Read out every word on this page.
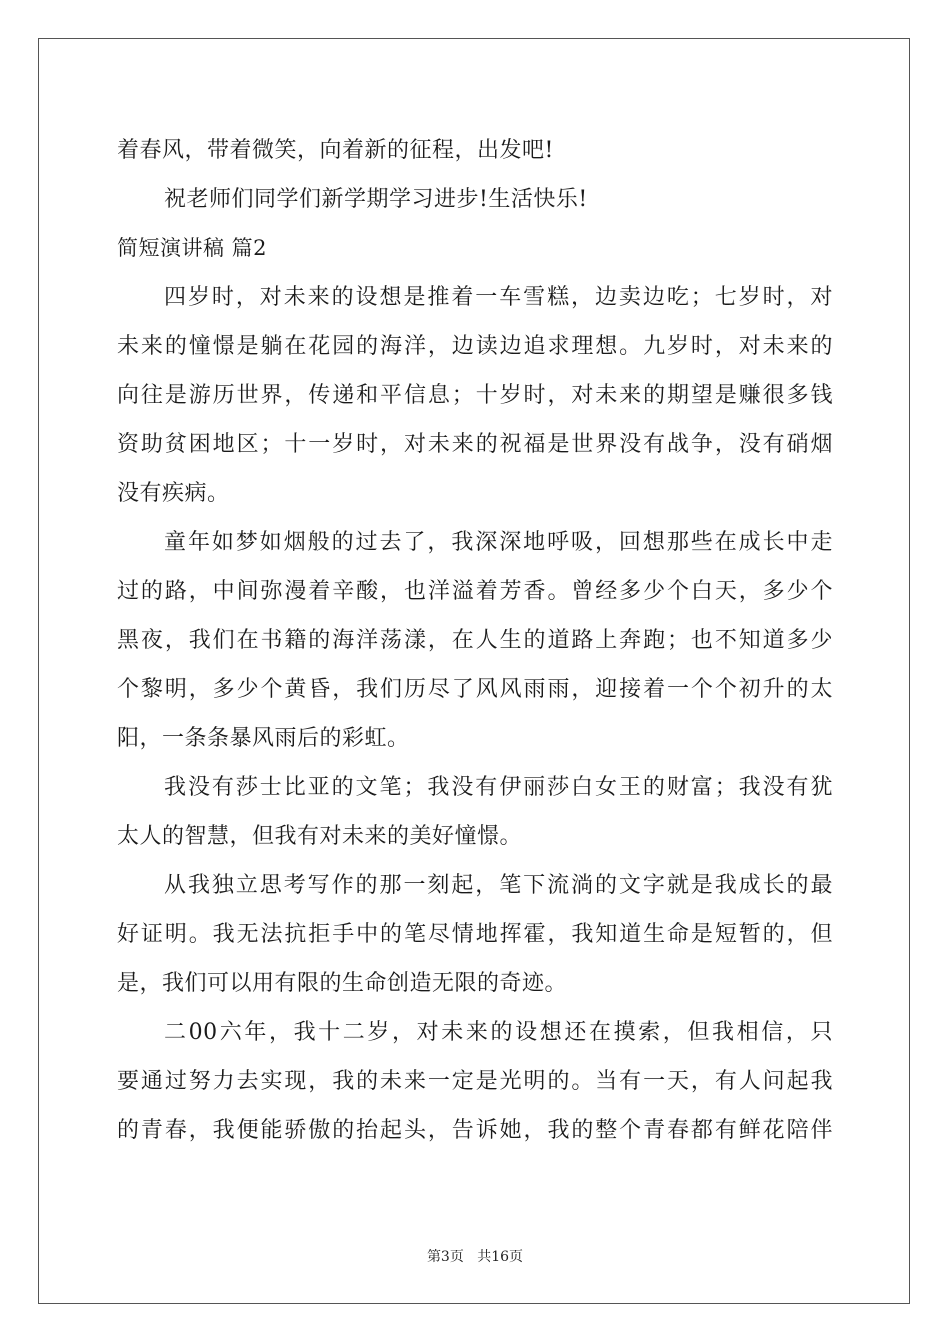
着春风，带着微笑，向着新的征程，出发吧!
祝老师们同学们新学期学习进步!生活快乐!
简短演讲稿 篇2
四岁时，对未来的设想是推着一车雪糕，边卖边吃；七岁时，对
未来的憧憬是躺在花园的海洋，边读边追求理想。九岁时，对未来的
向往是游历世界，传递和平信息；十岁时，对未来的期望是赚很多钱
资助贫困地区；十一岁时，对未来的祝福是世界没有战争，没有硝烟
没有疾病。
童年如梦如烟般的过去了，我深深地呼吸，回想那些在成长中走
过的路，中间弥漫着辛酸，也洋溢着芳香。曾经多少个白天，多少个
黑夜，我们在书籍的海洋荡漾，在人生的道路上奔跑；也不知道多少
个黎明，多少个黄昏，我们历尽了风风雨雨，迎接着一个个初升的太
阳，一条条暴风雨后的彩虹。
我没有莎士比亚的文笔；我没有伊丽莎白女王的财富；我没有犹
太人的智慧，但我有对未来的美好憧憬。
从我独立思考写作的那一刻起，笔下流淌的文字就是我成长的最
好证明。我无法抗拒手中的笔尽情地挥霍，我知道生命是短暂的，但
是，我们可以用有限的生命创造无限的奇迹。
二00六年，我十二岁，对未来的设想还在摸索，但我相信，只
要通过努力去实现，我的未来一定是光明的。当有一天，有人问起我
的青春，我便能骄傲的抬起头，告诉她，我的整个青春都有鲜花陪伴
第3页 共16页
